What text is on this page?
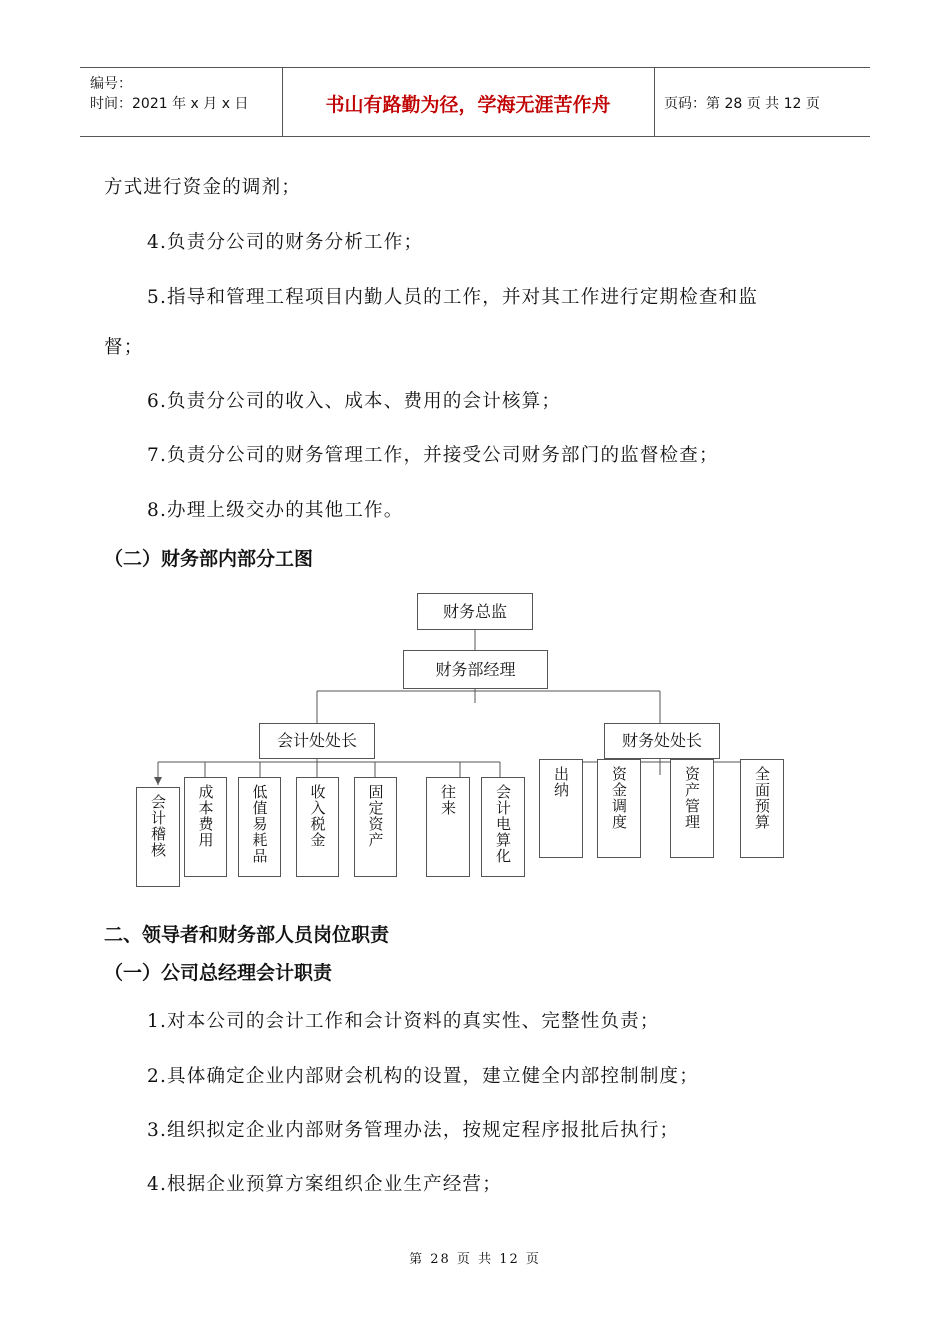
编号：
时间：2021 年 x 月 x 日	书山有路勤为径，学海无涯苦作舟	页码：第 28 页 共 12 页
方式进行资金的调剂；
4.负责分公司的财务分析工作；
5.指导和管理工程项目内勤人员的工作，并对其工作进行定期检查和监
督；
6.负责分公司的收入、成本、费用的会计核算；
7.负责分公司的财务管理工作，并接受公司财务部门的监督检查；
8.办理上级交办的其他工作。
（二）财务部内部分工图
财务总监
财务部经理
会计处处长	财务处处长
会计稽核	成本费用	低值易耗品	收入税金	固定资产	往来	会计电算化
出纳	资金调度	资产管理	全面预算
二、领导者和财务部人员岗位职责
（一）公司总经理会计职责
1.对本公司的会计工作和会计资料的真实性、完整性负责；
2.具体确定企业内部财会机构的设置，建立健全内部控制制度；
3.组织拟定企业内部财务管理办法，按规定程序报批后执行；
4.根据企业预算方案组织企业生产经营；
第 28 页 共 12 页
